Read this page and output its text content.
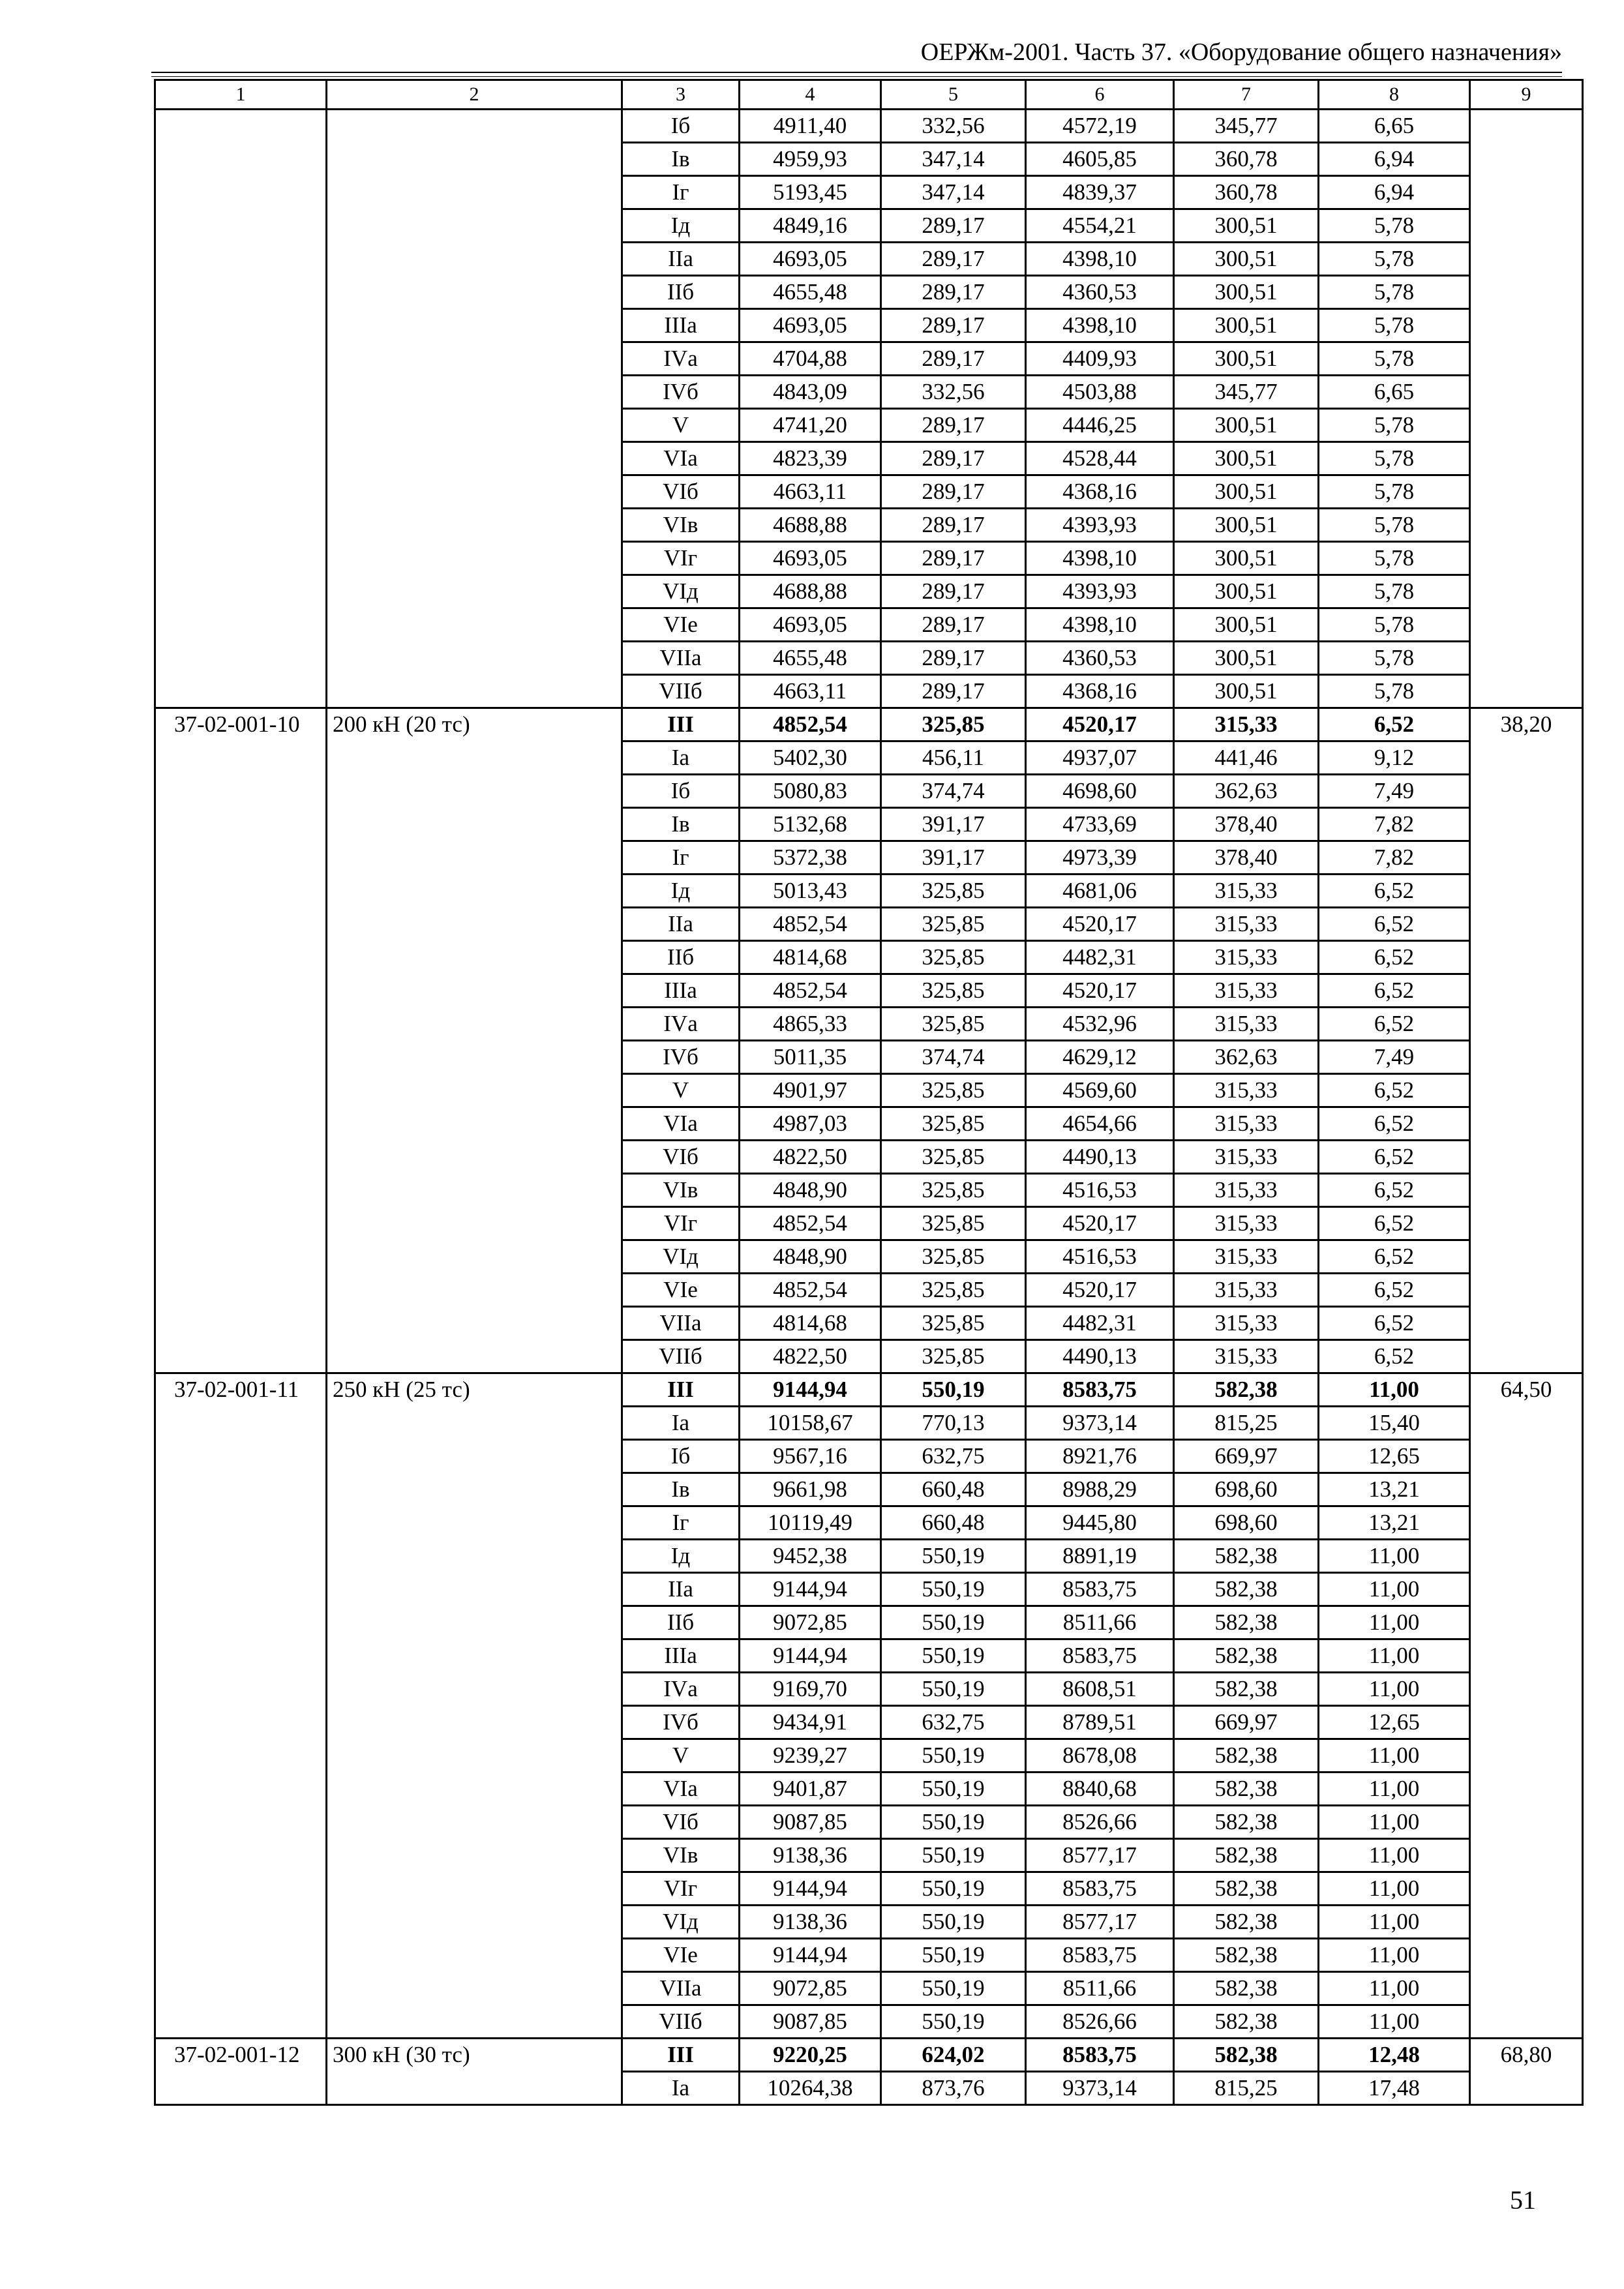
ОЕРЖм-2001. Часть 37. «Оборудование общего назначения»
1	2	3	4	5	6	7	8	9
		Iб	4911,40	332,56	4572,19	345,77	6,65	
		Iв	4959,93	347,14	4605,85	360,78	6,94	
		Iг	5193,45	347,14	4839,37	360,78	6,94	
		Iд	4849,16	289,17	4554,21	300,51	5,78	
		IIа	4693,05	289,17	4398,10	300,51	5,78	
		IIб	4655,48	289,17	4360,53	300,51	5,78	
		IIIа	4693,05	289,17	4398,10	300,51	5,78	
		IVа	4704,88	289,17	4409,93	300,51	5,78	
		IVб	4843,09	332,56	4503,88	345,77	6,65	
		V	4741,20	289,17	4446,25	300,51	5,78	
		VIа	4823,39	289,17	4528,44	300,51	5,78	
		VIб	4663,11	289,17	4368,16	300,51	5,78	
		VIв	4688,88	289,17	4393,93	300,51	5,78	
		VIг	4693,05	289,17	4398,10	300,51	5,78	
		VIд	4688,88	289,17	4393,93	300,51	5,78	
		VIе	4693,05	289,17	4398,10	300,51	5,78	
		VIIа	4655,48	289,17	4360,53	300,51	5,78	
		VIIб	4663,11	289,17	4368,16	300,51	5,78	
37-02-001-10	200 кН (20 тс)	III	4852,54	325,85	4520,17	315,33	6,52	38,20
		Iа	5402,30	456,11	4937,07	441,46	9,12	
		Iб	5080,83	374,74	4698,60	362,63	7,49	
		Iв	5132,68	391,17	4733,69	378,40	7,82	
		Iг	5372,38	391,17	4973,39	378,40	7,82	
		Iд	5013,43	325,85	4681,06	315,33	6,52	
		IIа	4852,54	325,85	4520,17	315,33	6,52	
		IIб	4814,68	325,85	4482,31	315,33	6,52	
		IIIа	4852,54	325,85	4520,17	315,33	6,52	
		IVа	4865,33	325,85	4532,96	315,33	6,52	
		IVб	5011,35	374,74	4629,12	362,63	7,49	
		V	4901,97	325,85	4569,60	315,33	6,52	
		VIа	4987,03	325,85	4654,66	315,33	6,52	
		VIб	4822,50	325,85	4490,13	315,33	6,52	
		VIв	4848,90	325,85	4516,53	315,33	6,52	
		VIг	4852,54	325,85	4520,17	315,33	6,52	
		VIд	4848,90	325,85	4516,53	315,33	6,52	
		VIе	4852,54	325,85	4520,17	315,33	6,52	
		VIIа	4814,68	325,85	4482,31	315,33	6,52	
		VIIб	4822,50	325,85	4490,13	315,33	6,52	
37-02-001-11	250 кН (25 тс)	III	9144,94	550,19	8583,75	582,38	11,00	64,50
		Iа	10158,67	770,13	9373,14	815,25	15,40	
		Iб	9567,16	632,75	8921,76	669,97	12,65	
		Iв	9661,98	660,48	8988,29	698,60	13,21	
		Iг	10119,49	660,48	9445,80	698,60	13,21	
		Iд	9452,38	550,19	8891,19	582,38	11,00	
		IIа	9144,94	550,19	8583,75	582,38	11,00	
		IIб	9072,85	550,19	8511,66	582,38	11,00	
		IIIа	9144,94	550,19	8583,75	582,38	11,00	
		IVа	9169,70	550,19	8608,51	582,38	11,00	
		IVб	9434,91	632,75	8789,51	669,97	12,65	
		V	9239,27	550,19	8678,08	582,38	11,00	
		VIа	9401,87	550,19	8840,68	582,38	11,00	
		VIб	9087,85	550,19	8526,66	582,38	11,00	
		VIв	9138,36	550,19	8577,17	582,38	11,00	
		VIг	9144,94	550,19	8583,75	582,38	11,00	
		VIд	9138,36	550,19	8577,17	582,38	11,00	
		VIе	9144,94	550,19	8583,75	582,38	11,00	
		VIIа	9072,85	550,19	8511,66	582,38	11,00	
		VIIб	9087,85	550,19	8526,66	582,38	11,00	
37-02-001-12	300 кН (30 тс)	III	9220,25	624,02	8583,75	582,38	12,48	68,80
		Iа	10264,38	873,76	9373,14	815,25	17,48	
51
